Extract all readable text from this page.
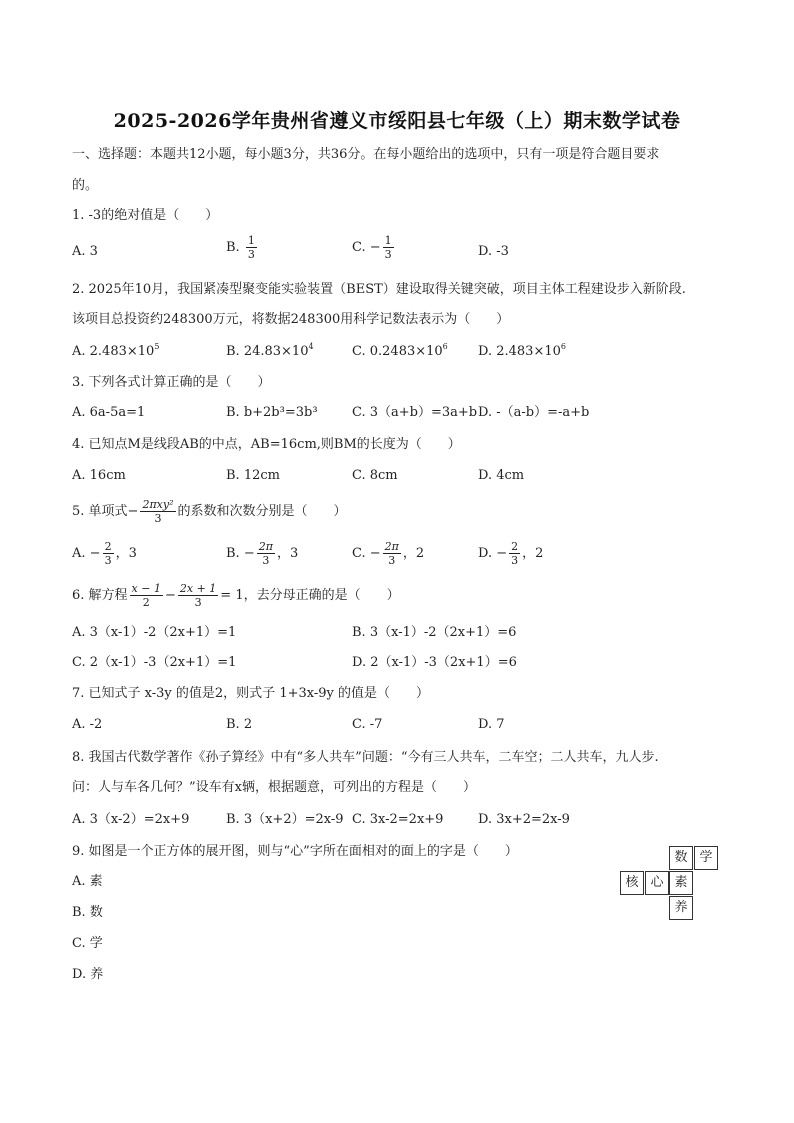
2025-2026学年贵州省遵义市绥阳县七年级（上）期末数学试卷
一、选择题：本题共12小题，每小题3分，共36分。在每小题给出的选项中，只有一项是符合题目要求
的。
1. -3的绝对值是（　　）
A. 3	B. $\frac{1}{3}$	C. − $\frac{1}{3}$	D. -3
2. 2025年10月，我国紧凑型聚变能实验装置（BEST）建设取得关键突破，项目主体工程建设步入新阶段.
该项目总投资约248300万元，将数据248300用科学记数法表示为（　　）
A. $2.483\times 10^5$	B. $24.83\times 10^4$	C. $0.2483\times 10^6$ D. $2.483\times 10^6$
3. 下列各式计算正确的是（　　）
A. 6a-5a=1	B. b+2b³=3b³	C. 3（a+b）=3a+b D. -（a-b）=-a+b
4. 已知点M是线段AB的中点，AB=16cm,则BM的长度为（　　）
A. 16cm	B. 12cm	C. 8cm	D. 4cm
5. 单项式− $\frac{\text{2πxy²}}{3}$ 的系数和次数分别是（　　）
A. − $\frac{2}{3}$ ，3	B. − $\frac{2\pi}{3}$ ，3	C. − $\frac{2\pi}{3}$ ，2	D. − $\frac{2}{3}$ ，2
6. 解方程 $\frac{x - 1}{2} - \frac{2x + 1}{3} = 1$，去分母正确的是（　　）
A. 3（x-1）-2（2x+1）=1	B. 3（x-1）-2（2x+1）=6
C. 2（x-1）-3（2x+1）=1	D. 2（x-1）-3（2x+1）=6
7. 已知式子 x-3y 的值是2，则式子 1+3x-9y 的值是（　　）
A. -2	B. 2	C. -7	D. 7
8. 我国古代数学著作《孙子算经》中有“多人共车”问题：“今有三人共车，二车空；二人共车，九人步.
问：人与车各几何？”设车有x辆，根据题意，可列出的方程是（　　）
A. 3（x-2）=2x+9	B. 3（x+2）=2x-9 C. 3x-2=2x+9	D. 3x+2=2x-9
9. 如图是一个正方体的展开图，则与“心”字所在面相对的面上的字是（　　）
A. 素
B. 数
C. 学
D. 养
数 学
核 心 素
养
